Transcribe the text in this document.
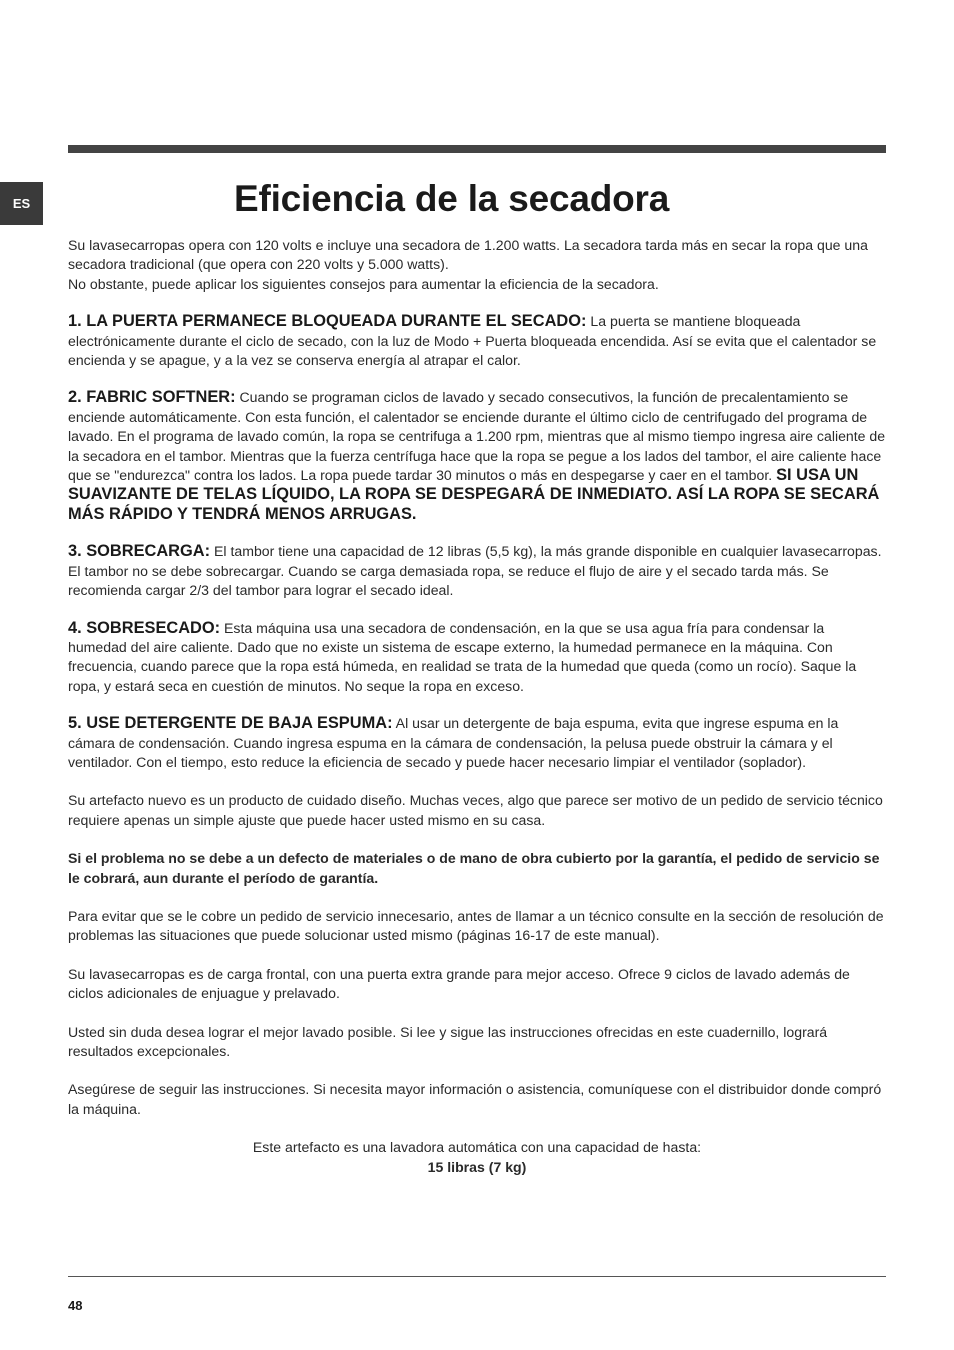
ES	Eficiencia de la secadora

Su lavasecarropas opera con 120 volts e incluye una secadora de 1.200 watts. La secadora tarda más en secar la ropa que una secadora tradicional (que opera con 220 volts y 5.000 watts).
No obstante, puede aplicar los siguientes consejos para aumentar la eficiencia de la secadora.

1. LA PUERTA PERMANECE BLOQUEADA DURANTE EL SECADO: La puerta se mantiene bloqueada electrónicamente durante el ciclo de secado, con la luz de Modo + Puerta bloqueada encendida. Así se evita que el calentador se encienda y se apague, y a la vez se conserva energía al atrapar el calor.

2. FABRIC SOFTNER: Cuando se programan ciclos de lavado y secado consecutivos, la función de precalentamiento se enciende automáticamente. Con esta función, el calentador se enciende durante el último ciclo de centrifugado del programa de lavado. En el programa de lavado común, la ropa se centrifuga a 1.200 rpm, mientras que al mismo tiempo ingresa aire caliente de la secadora en el tambor. Mientras que la fuerza centrífuga hace que la ropa se pegue a los lados del tambor, el aire caliente hace que se "endurezca" contra los lados. La ropa puede tardar 30 minutos o más en despegarse y caer en el tambor. SI USA UN SUAVIZANTE DE TELAS LÍQUIDO, LA ROPA SE DESPEGARÁ DE INMEDIATO. ASÍ LA ROPA SE SECARÁ MÁS RÁPIDO Y TENDRÁ MENOS ARRUGAS.

3. SOBRECARGA: El tambor tiene una capacidad de 12 libras (5,5 kg), la más grande disponible en cualquier lavasecarropas. El tambor no se debe sobrecargar. Cuando se carga demasiada ropa, se reduce el flujo de aire y el secado tarda más. Se recomienda cargar 2/3 del tambor para lograr el secado ideal.

4. SOBRESECADO: Esta máquina usa una secadora de condensación, en la que se usa agua fría para condensar la humedad del aire caliente. Dado que no existe un sistema de escape externo, la humedad permanece en la máquina. Con frecuencia, cuando parece que la ropa está húmeda, en realidad se trata de la humedad que queda (como un rocío). Saque la ropa, y estará seca en cuestión de minutos. No seque la ropa en exceso.

5. USE DETERGENTE DE BAJA ESPUMA: Al usar un detergente de baja espuma, evita que ingrese espuma en la cámara de condensación. Cuando ingresa espuma en la cámara de condensación, la pelusa puede obstruir la cámara y el ventilador. Con el tiempo, esto reduce la eficiencia de secado y puede hacer necesario limpiar el ventilador (soplador).

Su artefacto nuevo es un producto de cuidado diseño. Muchas veces, algo que parece ser motivo de un pedido de servicio técnico requiere apenas un simple ajuste que puede hacer usted mismo en su casa.

Si el problema no se debe a un defecto de materiales o de mano de obra cubierto por la garantía, el pedido de servicio se le cobrará, aun durante el período de garantía.

Para evitar que se le cobre un pedido de servicio innecesario, antes de llamar a un técnico consulte en la sección de resolución de problemas las situaciones que puede solucionar usted mismo (páginas 16-17 de este manual).

Su lavasecarropas es de carga frontal, con una puerta extra grande para mejor acceso. Ofrece 9 ciclos de lavado además de ciclos adicionales de enjuague y prelavado.

Usted sin duda desea lograr el mejor lavado posible. Si lee y sigue las instrucciones ofrecidas en este cuadernillo, logrará resultados excepcionales.

Asegúrese de seguir las instrucciones. Si necesita mayor información o asistencia, comuníquese con el distribuidor donde compró la máquina.

Este artefacto es una lavadora automática con una capacidad de hasta:
15 libras (7 kg)

48
